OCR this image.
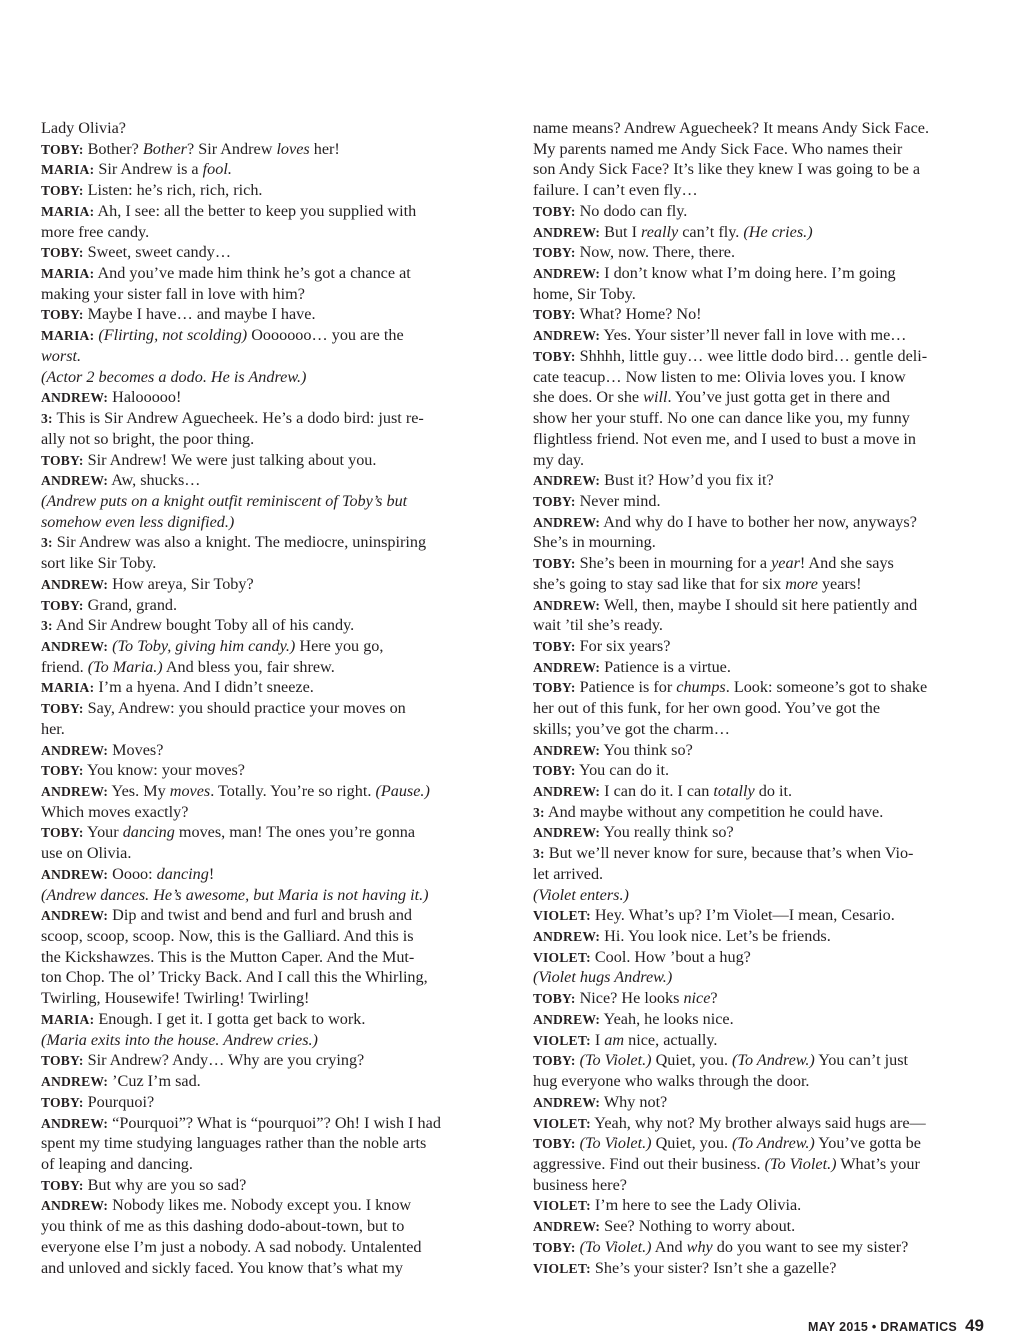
Lady Olivia?
TOBY: Bother? Bother? Sir Andrew loves her!
MARIA: Sir Andrew is a fool.
TOBY: Listen: he’s rich, rich, rich.
MARIA: Ah, I see: all the better to keep you supplied with
more free candy.
TOBY: Sweet, sweet candy…
MARIA: And you’ve made him think he’s got a chance at
making your sister fall in love with him?
TOBY: Maybe I have… and maybe I have.
MARIA: (Flirting, not scolding) Ooooooo… you are the
worst.
(Actor 2 becomes a dodo. He is Andrew.)
ANDREW: Halooooo!
3: This is Sir Andrew Aguecheek. He’s a dodo bird: just re-
ally not so bright, the poor thing.
TOBY: Sir Andrew! We were just talking about you.
ANDREW: Aw, shucks…
(Andrew puts on a knight outfit reminiscent of Toby’s but
somehow even less dignified.)
3: Sir Andrew was also a knight. The mediocre, uninspiring
sort like Sir Toby.
ANDREW: How areya, Sir Toby?
TOBY: Grand, grand.
3: And Sir Andrew bought Toby all of his candy.
ANDREW: (To Toby, giving him candy.) Here you go,
friend. (To Maria.) And bless you, fair shrew.
MARIA: I’m a hyena. And I didn’t sneeze.
TOBY: Say, Andrew: you should practice your moves on
her.
ANDREW: Moves?
TOBY: You know: your moves?
ANDREW: Yes. My moves. Totally. You’re so right. (Pause.)
Which moves exactly?
TOBY: Your dancing moves, man! The ones you’re gonna
use on Olivia.
ANDREW: Oooo: dancing!
(Andrew dances. He’s awesome, but Maria is not having it.)
ANDREW: Dip and twist and bend and furl and brush and
scoop, scoop, scoop. Now, this is the Galliard. And this is
the Kickshawzes. This is the Mutton Caper. And the Mut-
ton Chop. The ol’ Tricky Back. And I call this the Whirling,
Twirling, Housewife! Twirling! Twirling!
MARIA: Enough. I get it. I gotta get back to work.
(Maria exits into the house. Andrew cries.)
TOBY: Sir Andrew? Andy… Why are you crying?
ANDREW: ’Cuz I’m sad.
TOBY: Pourquoi?
ANDREW: “Pourquoi”? What is “pourquoi”? Oh! I wish I had
spent my time studying languages rather than the noble arts
of leaping and dancing.
TOBY: But why are you so sad?
ANDREW: Nobody likes me. Nobody except you. I know
you think of me as this dashing dodo-about-town, but to
everyone else I’m just a nobody. A sad nobody. Untalented
and unloved and sickly faced. You know that’s what my
name means? Andrew Aguecheek? It means Andy Sick Face.
My parents named me Andy Sick Face. Who names their
son Andy Sick Face? It’s like they knew I was going to be a
failure. I can’t even fly…
TOBY: No dodo can fly.
ANDREW: But I really can’t fly. (He cries.)
TOBY: Now, now. There, there.
ANDREW: I don’t know what I’m doing here. I’m going
home, Sir Toby.
TOBY: What? Home? No!
ANDREW: Yes. Your sister’ll never fall in love with me…
TOBY: Shhhh, little guy… wee little dodo bird… gentle deli-
cate teacup… Now listen to me: Olivia loves you. I know
she does. Or she will. You’ve just gotta get in there and
show her your stuff. No one can dance like you, my funny
flightless friend. Not even me, and I used to bust a move in
my day.
ANDREW: Bust it? How’d you fix it?
TOBY: Never mind.
ANDREW: And why do I have to bother her now, anyways?
She’s in mourning.
TOBY: She’s been in mourning for a year! And she says
she’s going to stay sad like that for six more years!
ANDREW: Well, then, maybe I should sit here patiently and
wait ’til she’s ready.
TOBY: For six years?
ANDREW: Patience is a virtue.
TOBY: Patience is for chumps. Look: someone’s got to shake
her out of this funk, for her own good. You’ve got the
skills; you’ve got the charm…
ANDREW: You think so?
TOBY: You can do it.
ANDREW: I can do it. I can totally do it.
3: And maybe without any competition he could have.
ANDREW: You really think so?
3: But we’ll never know for sure, because that’s when Vio-
let arrived.
(Violet enters.)
VIOLET: Hey. What’s up? I’m Violet—I mean, Cesario.
ANDREW: Hi. You look nice. Let’s be friends.
VIOLET: Cool. How ’bout a hug?
(Violet hugs Andrew.)
TOBY: Nice? He looks nice?
ANDREW: Yeah, he looks nice.
VIOLET: I am nice, actually.
TOBY: (To Violet.) Quiet, you. (To Andrew.) You can’t just
hug everyone who walks through the door.
ANDREW: Why not?
VIOLET: Yeah, why not? My brother always said hugs are—
TOBY: (To Violet.) Quiet, you. (To Andrew.) You’ve gotta be
aggressive. Find out their business. (To Violet.) What’s your
business here?
VIOLET: I’m here to see the Lady Olivia.
ANDREW: See? Nothing to worry about.
TOBY: (To Violet.) And why do you want to see my sister?
VIOLET: She’s your sister? Isn’t she a gazelle?
MAY 2015 • DRAMATICS 49
